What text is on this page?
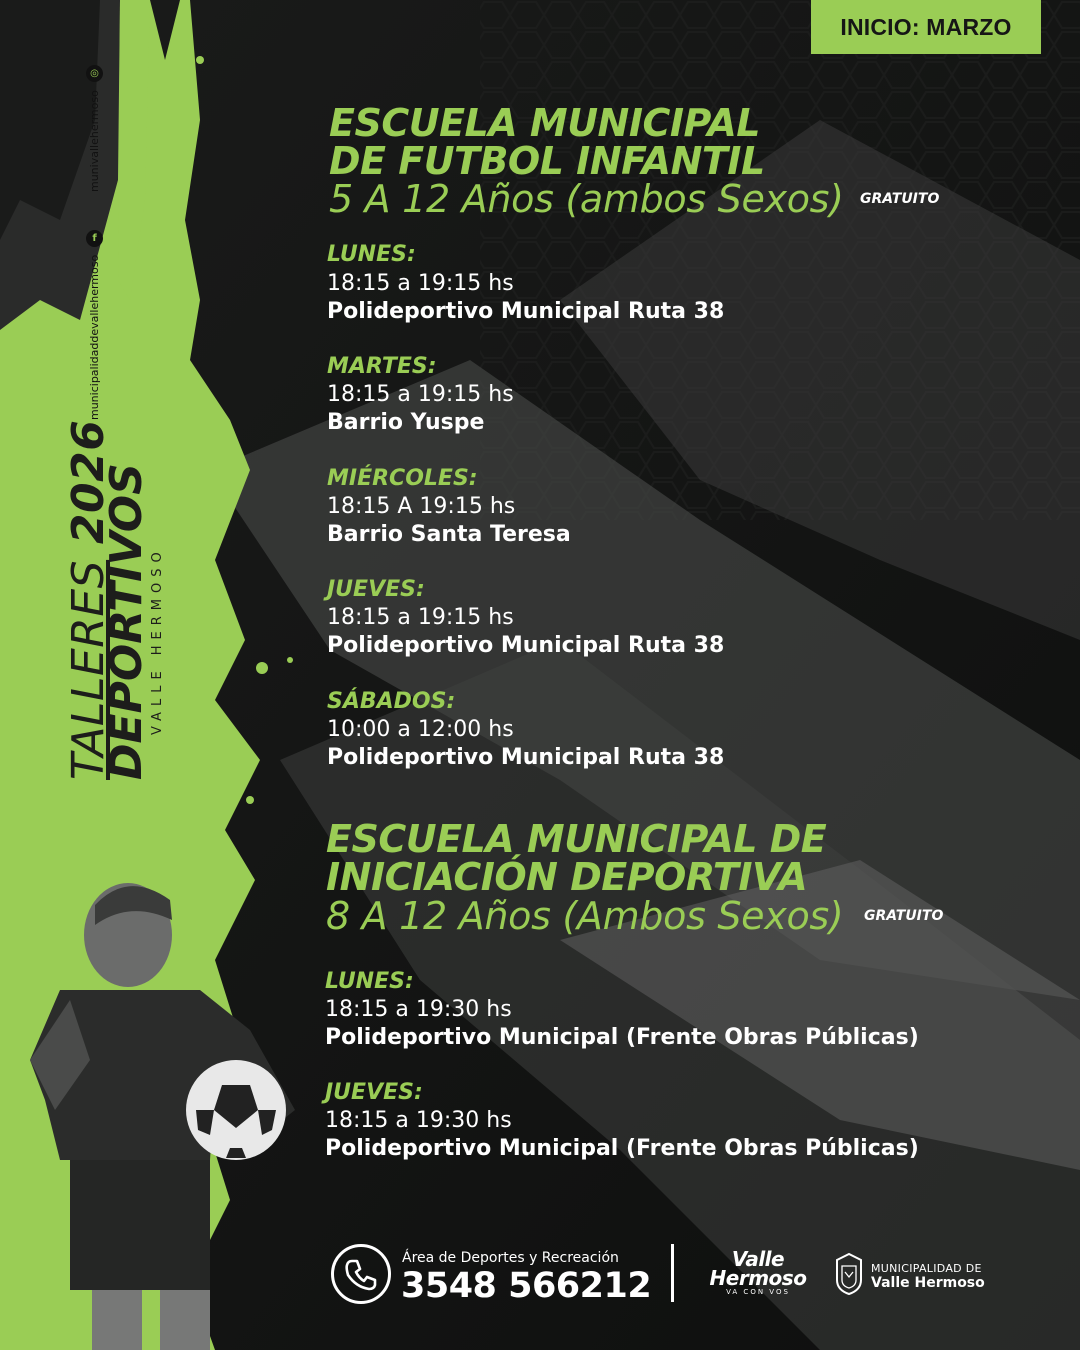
INICIO: MARZO
TALLERES 2026
DEPORTIVOS
VALLE HERMOSO
munivallehermoso
◎
municipalidaddevallehermoso
f
ESCUELA MUNICIPAL
DE FUTBOL INFANTIL
5 A 12 Años (ambos Sexos) GRATUITO
LUNES:
18:15 a 19:15 hs
Polideportivo Municipal Ruta 38
MARTES:
18:15 a 19:15 hs
Barrio Yuspe
MIÉRCOLES:
18:15 A 19:15 hs
Barrio Santa Teresa
JUEVES:
18:15 a 19:15 hs
Polideportivo Municipal Ruta 38
SÁBADOS:
10:00 a 12:00 hs
Polideportivo Municipal Ruta 38
ESCUELA MUNICIPAL DE
INICIACIÓN DEPORTIVA
8 A 12 Años (Ambos Sexos) GRATUITO
LUNES:
18:15 a 19:30 hs
Polideportivo Municipal (Frente Obras Públicas)
JUEVES:
18:15 a 19:30 hs
Polideportivo Municipal (Frente Obras Públicas)
Área de Deportes y Recreación
3548 566212
Valle
Hermoso
VA CON VOS
MUNICIPALIDAD DE
Valle Hermoso
